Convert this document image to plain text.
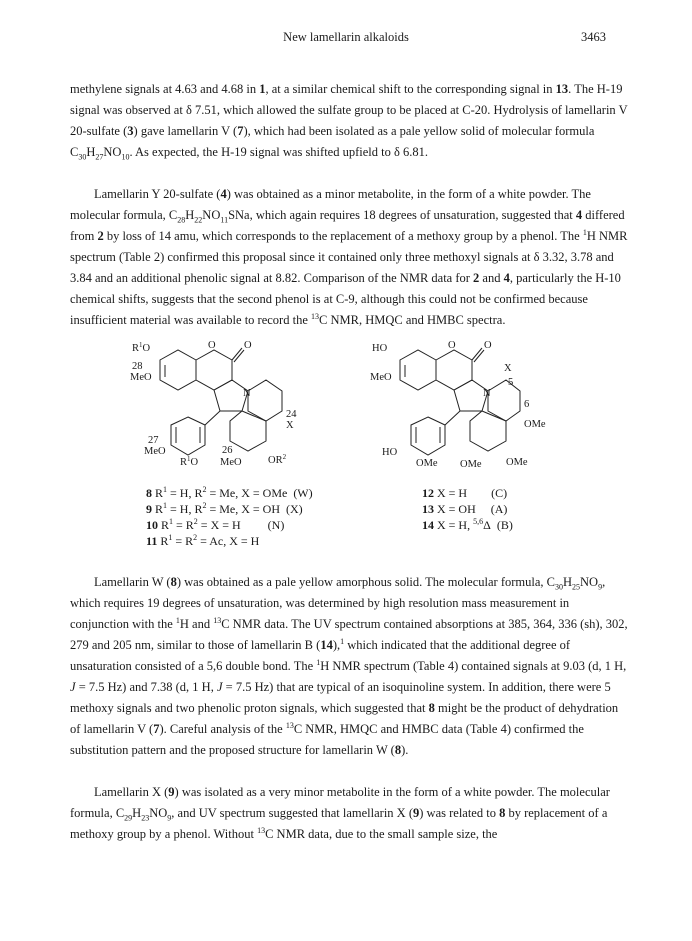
New lamellarin alkaloids	3463
methylene signals at 4.63 and 4.68 in 1, at a similar chemical shift to the corresponding signal in 13. The H-19 signal was observed at δ 7.51, which allowed the sulfate group to be placed at C-20. Hydrolysis of lamellarin V 20-sulfate (3) gave lamellarin V (7), which had been isolated as a pale yellow solid of molecular formula $C_{30}H_{27}NO_{10}$. As expected, the H-19 signal was shifted upfield to δ 6.81.
Lamellarin Y 20-sulfate (4) was obtained as a minor metabolite, in the form of a white powder. The molecular formula, $C_{28}H_{22}NO_{11}SNa$, which again requires 18 degrees of unsaturation, suggested that 4 differed from 2 by loss of 14 amu, which corresponds to the replacement of a methoxy group by a phenol. The $^1$H NMR spectrum (Table 2) confirmed this proposal since it contained only three methoxyl signals at δ 3.32, 3.78 and 3.84 and an additional phenolic signal at 8.82. Comparison of the NMR data for 2 and 4, particularly the H-10 chemical shifts, suggests that the second phenol is at C-9, although this could not be confirmed because insufficient material was available to record the $^{13}$C NMR, HMQC and HMBC spectra.
$R^1O$	O	O
28
MeO
N
24
X
27
MeO
$R^1O$
26
MeO	$OR^2$
HO	O	O
X
N
5
6
MeO
OMe
HO
OMe OMe OMe
8 $R^1 = H$, $R^2 = Me$, X = OMe (W)
9 $R^1 = H$, $R^2 = Me$, X = OH (X)
10 $R^1 = R^2 = X = H$ (N)
11 $R^1 = R^2 = Ac$, X = H
12 X = H (C)
13 X = OH (A)
14 X = H, $^{5,6}$Δ (B)
Lamellarin W (8) was obtained as a pale yellow amorphous solid. The molecular formula, $C_{30}H_{25}NO_9$, which requires 19 degrees of unsaturation, was determined by high resolution mass measurement in conjunction with the $^1$H and $^{13}$C NMR data. The UV spectrum contained absorptions at 385, 364, 336 (sh), 302, 279 and 205 nm, similar to those of lamellarin B (14),$^1$ which indicated that the additional degree of unsaturation consisted of a 5,6 double bond. The $^1$H NMR spectrum (Table 4) contained signals at 9.03 (d, 1 H, J = 7.5 Hz) and 7.38 (d, 1 H, J = 7.5 Hz) that are typical of an isoquinoline system. In addition, there were 5 methoxy signals and two phenolic proton signals, which suggested that 8 might be the product of dehydration of lamellarin V (7). Careful analysis of the $^{13}$C NMR, HMQC and HMBC data (Table 4) confirmed the substitution pattern and the proposed structure for lamellarin W (8).
Lamellarin X (9) was isolated as a very minor metabolite in the form of a white powder. The molecular formula, $C_{29}H_{23}NO_9$, and UV spectrum suggested that lamellarin X (9) was related to 8 by replacement of a methoxy group by a phenol. Without $^{13}$C NMR data, due to the small sample size, the
